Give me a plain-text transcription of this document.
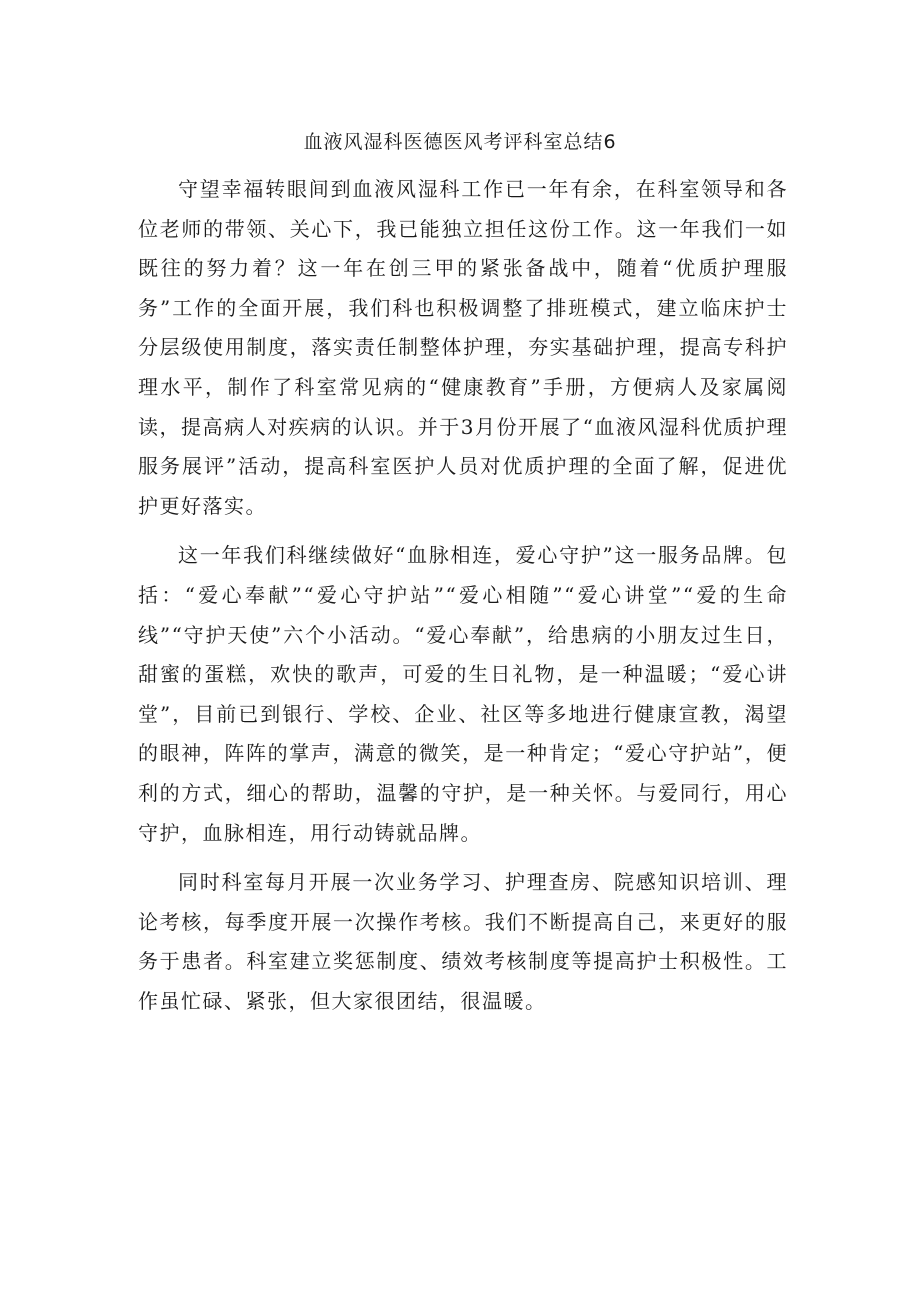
血液风湿科医德医风考评科室总结6

守望幸福转眼间到血液风湿科工作已一年有余，在科室领导和各位老师的带领、关心下，我已能独立担任这份工作。这一年我们一如既往的努力着？这一年在创三甲的紧张备战中，随着“优质护理服务”工作的全面开展，我们科也积极调整了排班模式，建立临床护士分层级使用制度，落实责任制整体护理，夯实基础护理，提高专科护理水平，制作了科室常见病的“健康教育”手册，方便病人及家属阅读，提高病人对疾病的认识。并于3月份开展了“血液风湿科优质护理服务展评”活动，提高科室医护人员对优质护理的全面了解，促进优护更好落实。

这一年我们科继续做好“血脉相连，爱心守护”这一服务品牌。包括：“爱心奉献”“爱心守护站”“爱心相随”“爱心讲堂”“爱的生命线”“守护天使”六个小活动。“爱心奉献”，给患病的小朋友过生日，甜蜜的蛋糕，欢快的歌声，可爱的生日礼物，是一种温暖；“爱心讲堂”，目前已到银行、学校、企业、社区等多地进行健康宣教，渴望的眼神，阵阵的掌声，满意的微笑，是一种肯定；“爱心守护站”，便利的方式，细心的帮助，温馨的守护，是一种关怀。与爱同行，用心守护，血脉相连，用行动铸就品牌。

同时科室每月开展一次业务学习、护理查房、院感知识培训、理论考核，每季度开展一次操作考核。我们不断提高自己，来更好的服务于患者。科室建立奖惩制度、绩效考核制度等提高护士积极性。工作虽忙碌、紧张，但大家很团结，很温暖。
